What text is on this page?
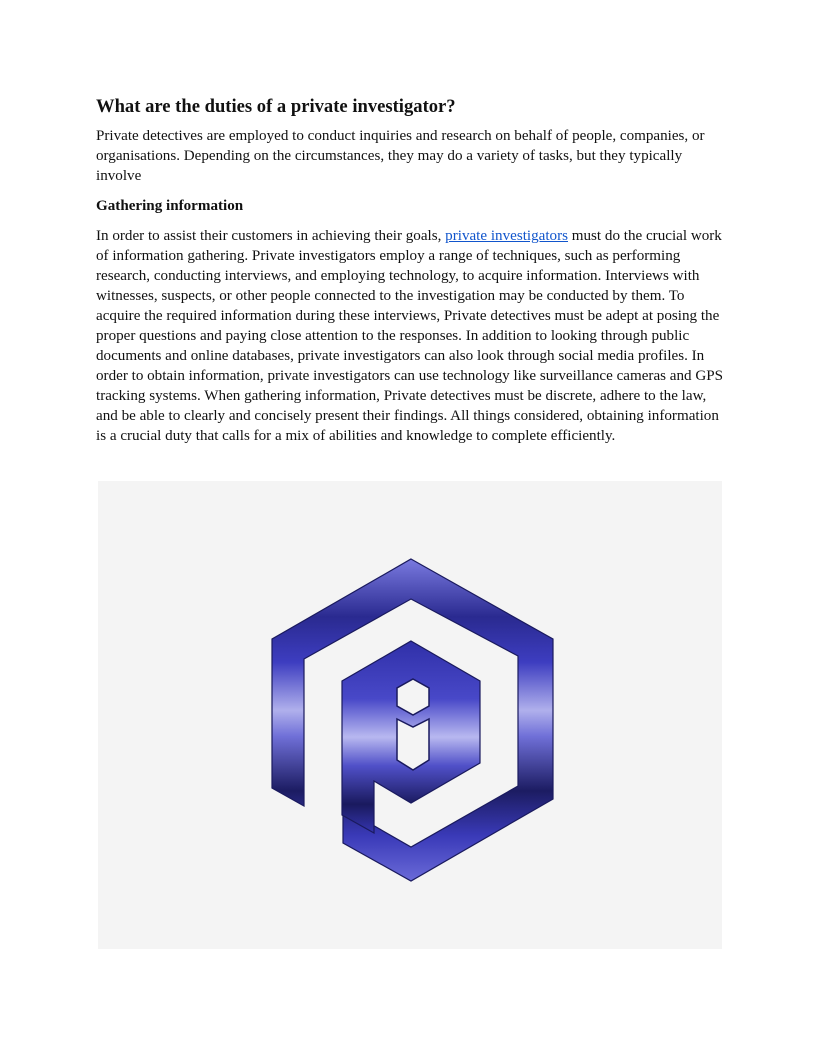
What are the duties of a private investigator?

Private detectives are employed to conduct inquiries and research on behalf of people, companies, or organisations. Depending on the circumstances, they may do a variety of tasks, but they typically involve

Gathering information

In order to assist their customers in achieving their goals, private investigators must do the crucial work of information gathering. Private investigators employ a range of techniques, such as performing research, conducting interviews, and employing technology, to acquire information. Interviews with witnesses, suspects, or other people connected to the investigation may be conducted by them. To acquire the required information during these interviews, Private detectives must be adept at posing the proper questions and paying close attention to the responses. In addition to looking through public documents and online databases, private investigators can also look through social media profiles. In order to obtain information, private investigators can use technology like surveillance cameras and GPS tracking systems. When gathering information, Private detectives must be discrete, adhere to the law, and be able to clearly and concisely present their findings. All things considered, obtaining information is a crucial duty that calls for a mix of abilities and knowledge to complete efficiently.
